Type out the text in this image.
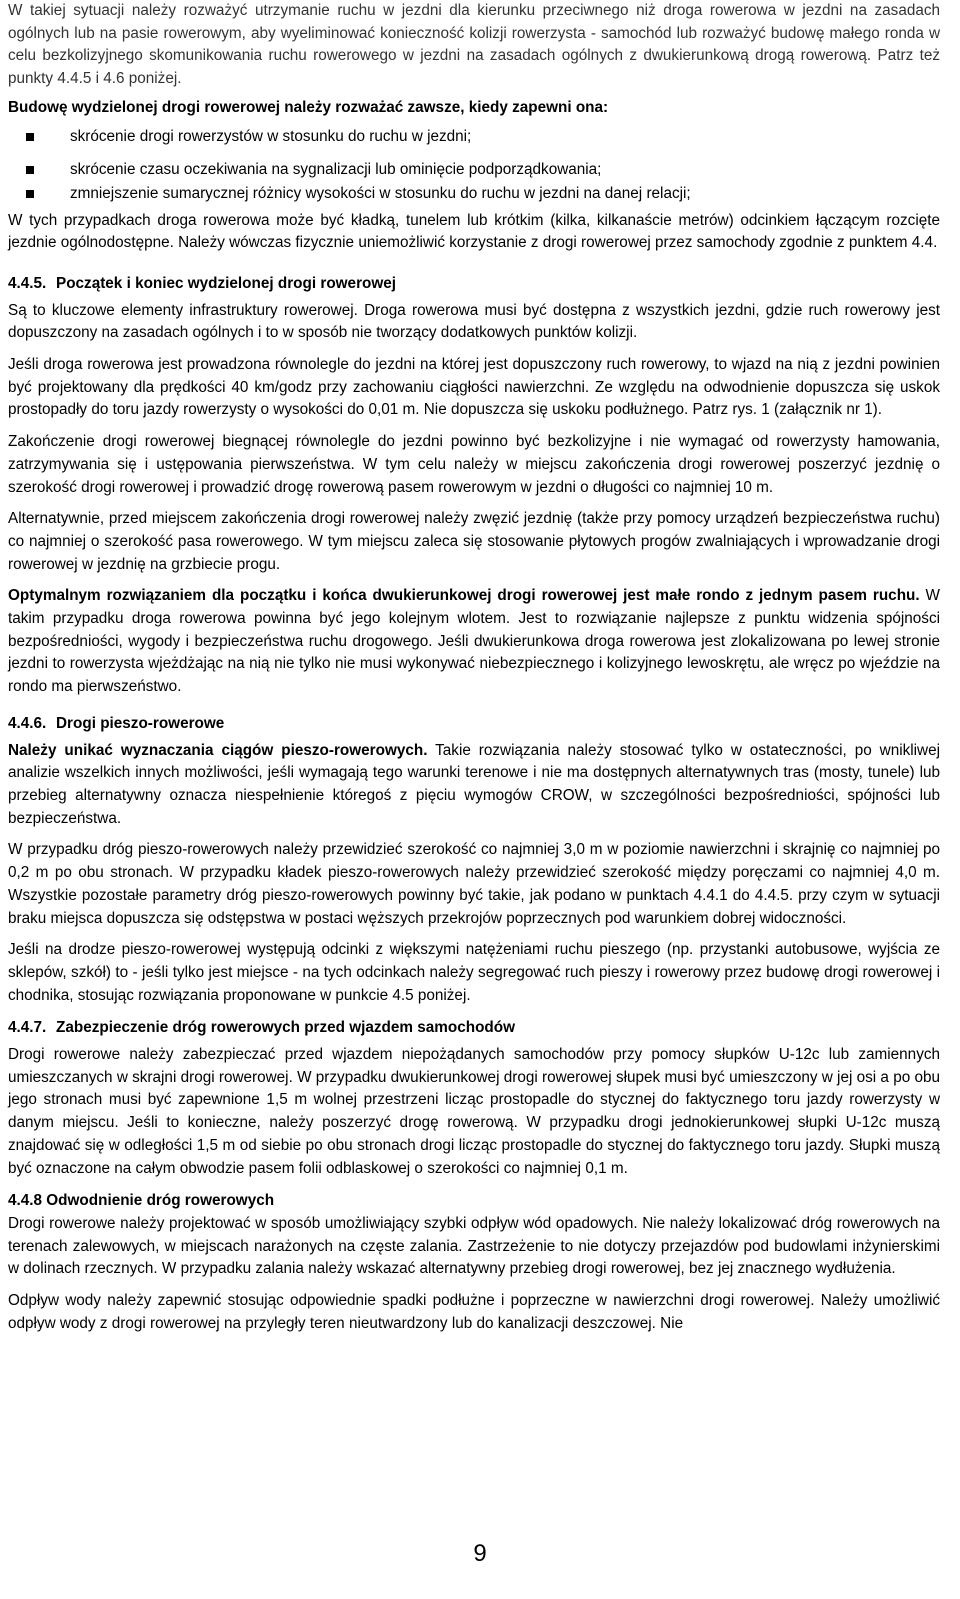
W takiej sytuacji należy rozważyć utrzymanie ruchu w jezdni dla kierunku przeciwnego niż droga rowerowa w jezdni na zasadach ogólnych lub na pasie rowerowym, aby wyeliminować konieczność kolizji rowerzysta - samochód lub rozważyć budowę małego ronda w celu bezkolizyjnego skomunikowania ruchu rowerowego w jezdni na zasadach ogólnych z dwukierunkową drogą rowerową. Patrz też punkty 4.4.5 i 4.6 poniżej.

Budowę wydzielonej drogi rowerowej należy rozważać zawsze, kiedy zapewni ona:

skrócenie drogi rowerzystów w stosunku do ruchu w jezdni;
skrócenie czasu oczekiwania na sygnalizacji lub ominięcie podporządkowania;
zmniejszenie sumarycznej różnicy wysokości w stosunku do ruchu w jezdni na danej relacji;

W tych przypadkach droga rowerowa może być kładką, tunelem lub krótkim (kilka, kilkanaście metrów) odcinkiem łączącym rozcięte jezdnie ogólnodostępne. Należy wówczas fizycznie uniemożliwić korzystanie z drogi rowerowej przez samochody zgodnie z punktem 4.4.

4.4.5. Początek i koniec wydzielonej drogi rowerowej

Są to kluczowe elementy infrastruktury rowerowej. Droga rowerowa musi być dostępna z wszystkich jezdni, gdzie ruch rowerowy jest dopuszczony na zasadach ogólnych i to w sposób nie tworzący dodatkowych punktów kolizji.

Jeśli droga rowerowa jest prowadzona równolegle do jezdni na której jest dopuszczony ruch rowerowy, to wjazd na nią z jezdni powinien być projektowany dla prędkości 40 km/godz przy zachowaniu ciągłości nawierzchni. Ze względu na odwodnienie dopuszcza się uskok prostopadły do toru jazdy rowerzysty o wysokości do 0,01 m. Nie dopuszcza się uskoku podłużnego. Patrz rys. 1 (załącznik nr 1).

Zakończenie drogi rowerowej biegnącej równolegle do jezdni powinno być bezkolizyjne i nie wymagać od rowerzysty hamowania, zatrzymywania się i ustępowania pierwszeństwa. W tym celu należy w miejscu zakończenia drogi rowerowej poszerzyć jezdnię o szerokość drogi rowerowej i prowadzić drogę rowerową pasem rowerowym w jezdni o długości co najmniej 10 m.

Alternatywnie, przed miejscem zakończenia drogi rowerowej należy zwęzić jezdnię (także przy pomocy urządzeń bezpieczeństwa ruchu) co najmniej o szerokość pasa rowerowego. W tym miejscu zaleca się stosowanie płytowych progów zwalniających i wprowadzanie drogi rowerowej w jezdnię na grzbiecie progu.

Optymalnym rozwiązaniem dla początku i końca dwukierunkowej drogi rowerowej jest małe rondo z jednym pasem ruchu. W takim przypadku droga rowerowa powinna być jego kolejnym wlotem. Jest to rozwiązanie najlepsze z punktu widzenia spójności bezpośredniości, wygody i bezpieczeństwa ruchu drogowego. Jeśli dwukierunkowa droga rowerowa jest zlokalizowana po lewej stronie jezdni to rowerzysta wjeżdżając na nią nie tylko nie musi wykonywać niebezpiecznego i kolizyjnego lewoskrętu, ale wręcz po wjeździe na rondo ma pierwszeństwo.

4.4.6. Drogi pieszo-rowerowe

Należy unikać wyznaczania ciągów pieszo-rowerowych. Takie rozwiązania należy stosować tylko w ostateczności, po wnikliwej analizie wszelkich innych możliwości, jeśli wymagają tego warunki terenowe i nie ma dostępnych alternatywnych tras (mosty, tunele) lub przebieg alternatywny oznacza niespełnienie któregoś z pięciu wymogów CROW, w szczególności bezpośredniości, spójności lub bezpieczeństwa.

W przypadku dróg pieszo-rowerowych należy przewidzieć szerokość co najmniej 3,0 m w poziomie nawierzchni i skrajnię co najmniej po 0,2 m po obu stronach. W przypadku kładek pieszo-rowerowych należy przewidzieć szerokość między poręczami co najmniej 4,0 m. Wszystkie pozostałe parametry dróg pieszo-rowerowych powinny być takie, jak podano w punktach 4.4.1 do 4.4.5. przy czym w sytuacji braku miejsca dopuszcza się odstępstwa w postaci węższych przekrojów poprzecznych pod warunkiem dobrej widoczności.

Jeśli na drodze pieszo-rowerowej występują odcinki z większymi natężeniami ruchu pieszego (np. przystanki autobusowe, wyjścia ze sklepów, szkół) to - jeśli tylko jest miejsce - na tych odcinkach należy segregować ruch pieszy i rowerowy przez budowę drogi rowerowej i chodnika, stosując rozwiązania proponowane w punkcie 4.5 poniżej.

4.4.7. Zabezpieczenie dróg rowerowych przed wjazdem samochodów

Drogi rowerowe należy zabezpieczać przed wjazdem niepożądanych samochodów przy pomocy słupków U-12c lub zamiennych umieszczanych w skrajni drogi rowerowej. W przypadku dwukierunkowej drogi rowerowej słupek musi być umieszczony w jej osi a po obu jego stronach musi być zapewnione 1,5 m wolnej przestrzeni licząc prostopadle do stycznej do faktycznego toru jazdy rowerzysty w danym miejscu. Jeśli to konieczne, należy poszerzyć drogę rowerową. W przypadku drogi jednokierunkowej słupki U-12c muszą znajdować się w odległości 1,5 m od siebie po obu stronach drogi licząc prostopadle do stycznej do faktycznego toru jazdy. Słupki muszą być oznaczone na całym obwodzie pasem folii odblaskowej o szerokości co najmniej 0,1 m.

4.4.8 Odwodnienie dróg rowerowych

Drogi rowerowe należy projektować w sposób umożliwiający szybki odpływ wód opadowych. Nie należy lokalizować dróg rowerowych na terenach zalewowych, w miejscach narażonych na częste zalania. Zastrzeżenie to nie dotyczy przejazdów pod budowlami inżynierskimi w dolinach rzecznych. W przypadku zalania należy wskazać alternatywny przebieg drogi rowerowej, bez jej znacznego wydłużenia.

Odpływ wody należy zapewnić stosując odpowiednie spadki podłużne i poprzeczne w nawierzchni drogi rowerowej. Należy umożliwić odpływ wody z drogi rowerowej na przyległy teren nieutwardzony lub do kanalizacji deszczowej. Nie

9
